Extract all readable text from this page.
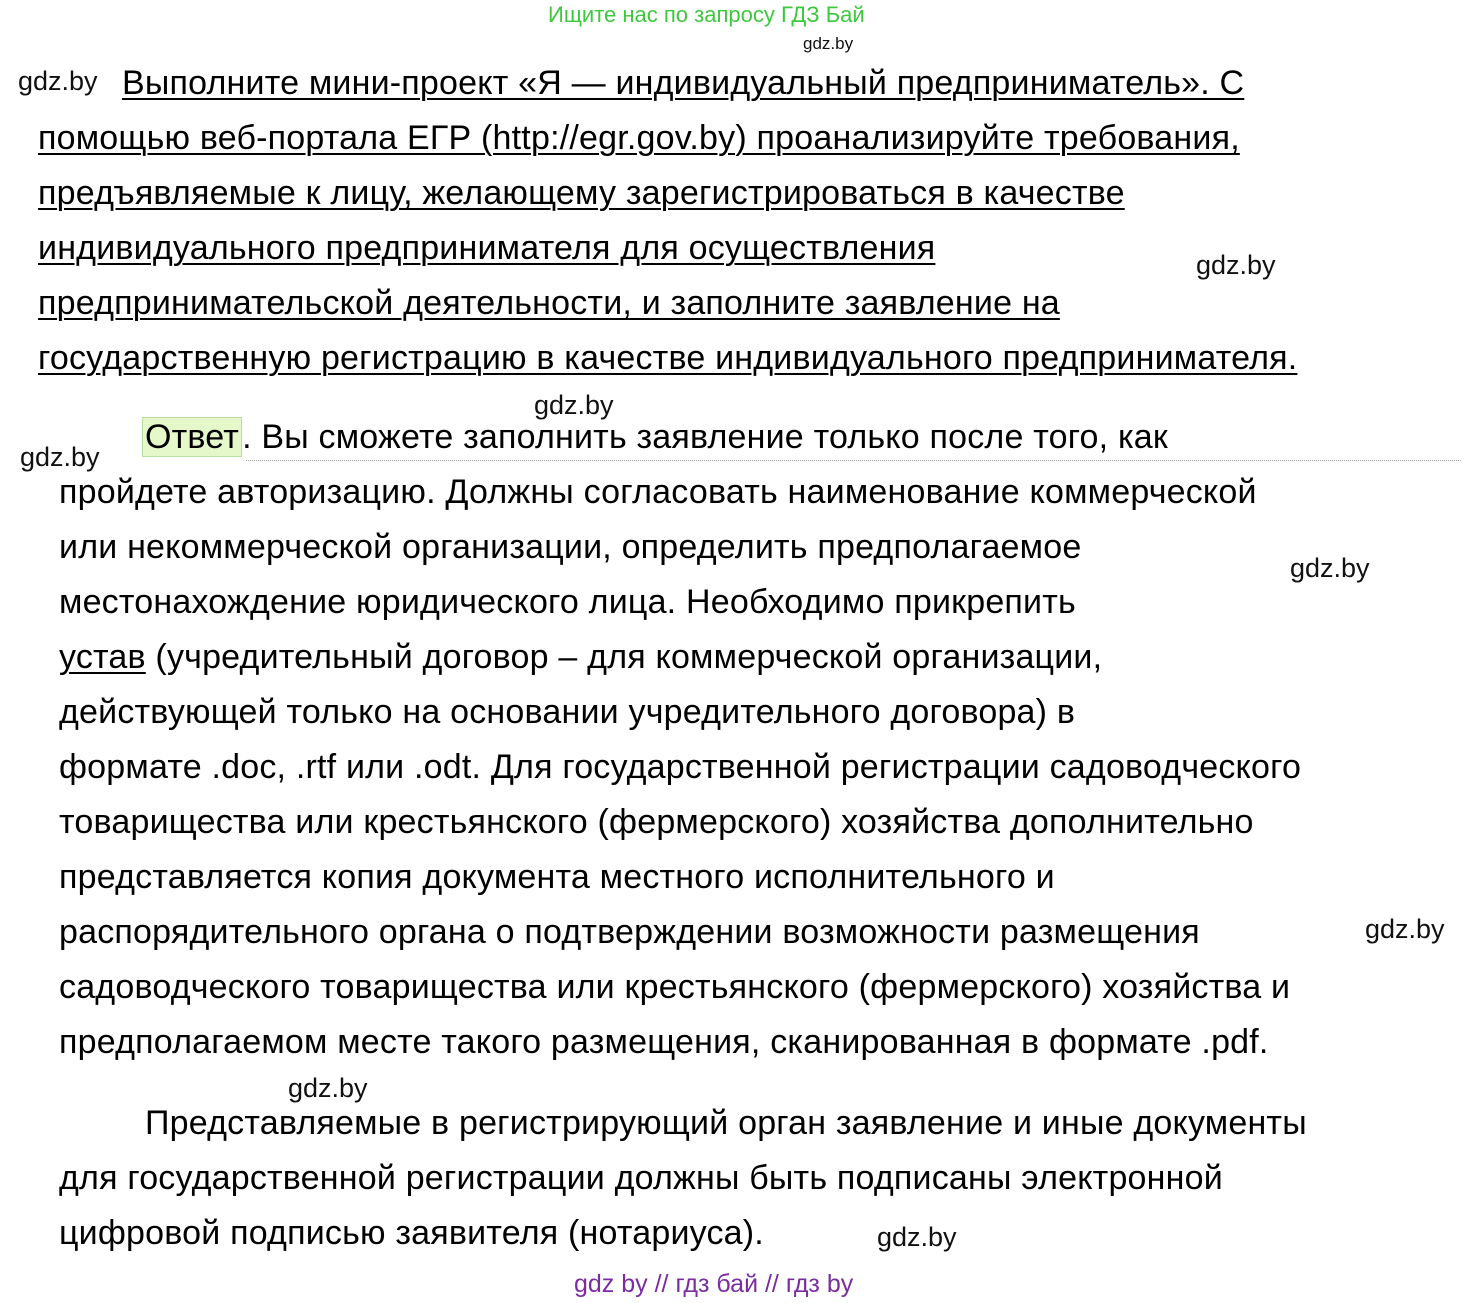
Ищите нас по запросу ГДЗ Бай
gdz.by
gdz.by
gdz.by
gdz.by
gdz.by
gdz.by
gdz.by
gdz.by
gdz.by
Выполните мини-проект «Я — индивидуальный предприниматель». С
помощью веб-портала ЕГР (http://egr.gov.by) проанализируйте требования,
предъявляемые к лицу, желающему зарегистрироваться в качестве
индивидуального предпринимателя для осуществления
предпринимательской деятельности, и заполните заявление на
государственную регистрацию в качестве индивидуального предпринимателя.
Ответ. Вы сможете заполнить заявление только после того, как
пройдете авторизацию. Должны согласовать наименование коммерческой
или некоммерческой организации, определить предполагаемое
местонахождение юридического лица. Необходимо прикрепить
устав (учредительный договор – для коммерческой организации,
действующей только на основании учредительного договора) в
формате .doc, .rtf или .odt. Для государственной регистрации садоводческого
товарищества или крестьянского (фермерского) хозяйства дополнительно
представляется копия документа местного исполнительного и
распорядительного органа о подтверждении возможности размещения
садоводческого товарищества или крестьянского (фермерского) хозяйства и
предполагаемом месте такого размещения, сканированная в формате .pdf.
Представляемые в регистрирующий орган заявление и иные документы
для государственной регистрации должны быть подписаны электронной
цифровой подписью заявителя (нотариуса).
gdz by // гдз бай // гдз by
